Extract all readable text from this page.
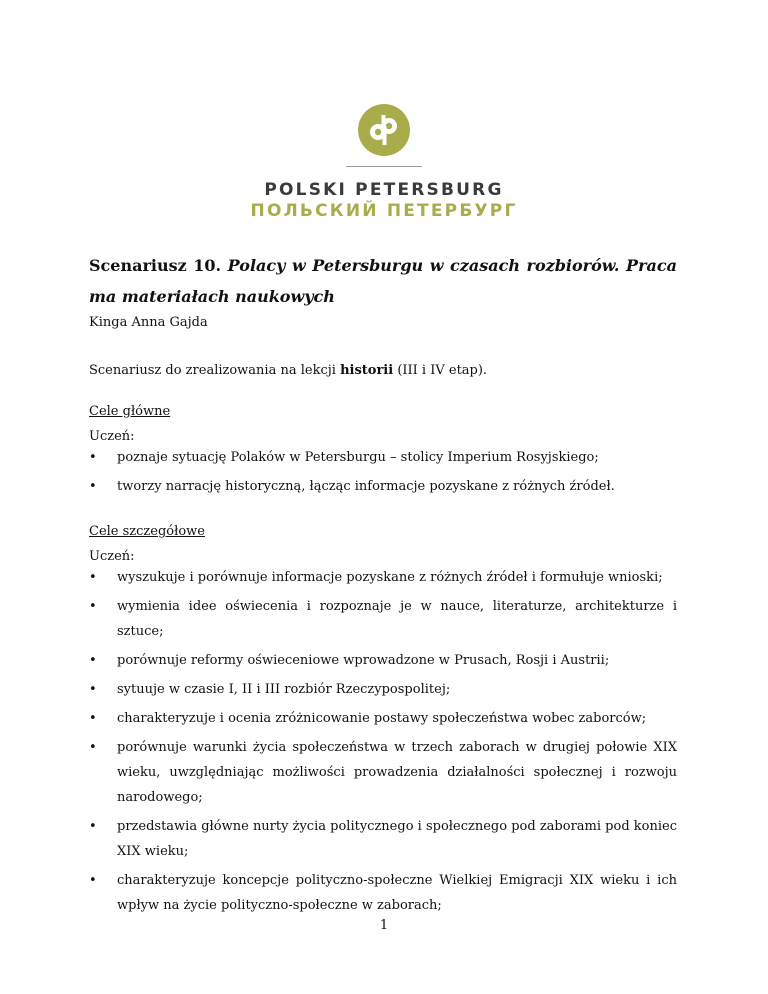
POLSKI PETERSBURG
ПОЛЬСКИЙ ПЕТЕРБУРГ

Scenariusz 10. Polacy w Petersburgu w czasach rozbiorów. Praca ma materiałach naukowych

Kinga Anna Gajda

Scenariusz do zrealizowania na lekcji historii (III i IV etap).

Cele główne

Uczeń:

• poznaje sytuację Polaków w Petersburgu – stolicy Imperium Rosyjskiego;
• tworzy narrację historyczną, łącząc informacje pozyskane z różnych źródeł.

Cele szczegółowe

Uczeń:

• wyszukuje i porównuje informacje pozyskane z różnych źródeł i formułuje wnioski;
• wymienia idee oświecenia i rozpoznaje je w nauce, literaturze, architekturze i sztuce;
• porównuje reformy oświeceniowe wprowadzone w Prusach, Rosji i Austrii;
• sytuuje w czasie I, II i III rozbiór Rzeczypospolitej;
• charakteryzuje i ocenia zróżnicowanie postawy społeczeństwa wobec zaborców;
• porównuje warunki życia społeczeństwa w trzech zaborach w drugiej połowie XIX wieku, uwzględniając możliwości prowadzenia działalności społecznej i rozwoju narodowego;
• przedstawia główne nurty życia politycznego i społecznego pod zaborami pod koniec XIX wieku;
• charakteryzuje koncepcje polityczno-społeczne Wielkiej Emigracji XIX wieku i ich wpływ na życie polityczno-społeczne w zaborach;
1
